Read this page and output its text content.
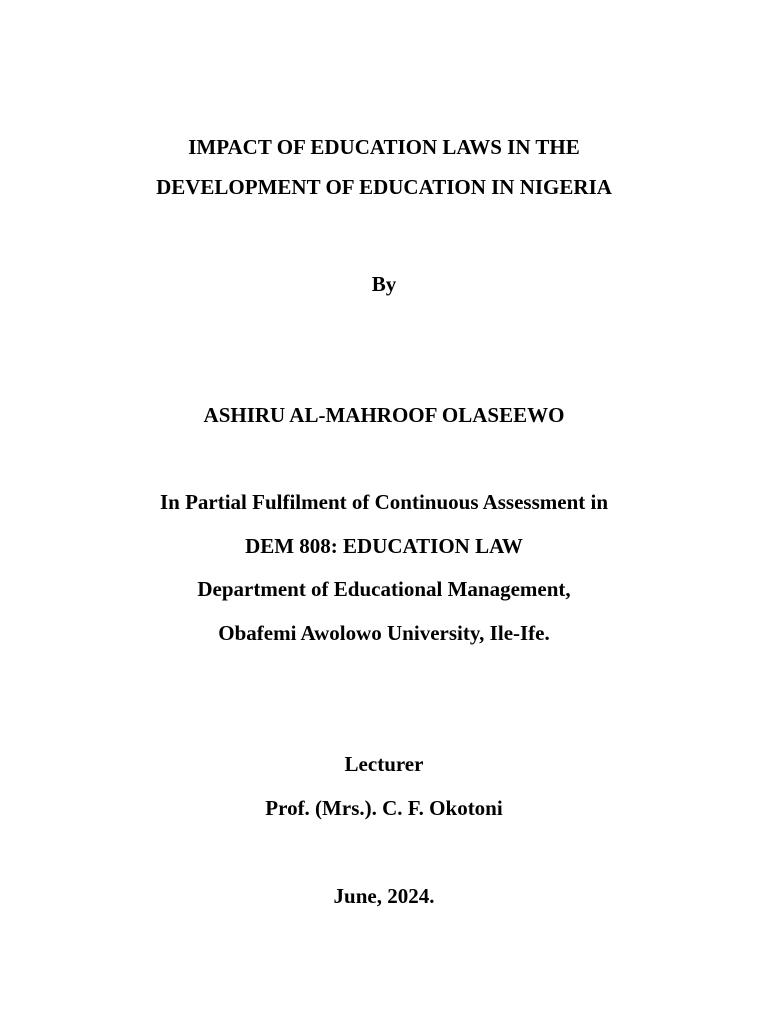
IMPACT OF EDUCATION LAWS IN THE
DEVELOPMENT OF EDUCATION IN NIGERIA
By
ASHIRU AL-MAHROOF OLASEEWO
In Partial Fulfilment of Continuous Assessment in
DEM 808: EDUCATION LAW
Department of Educational Management,
Obafemi Awolowo University, Ile-Ife.
Lecturer
Prof. (Mrs.). C. F. Okotoni
June, 2024.
